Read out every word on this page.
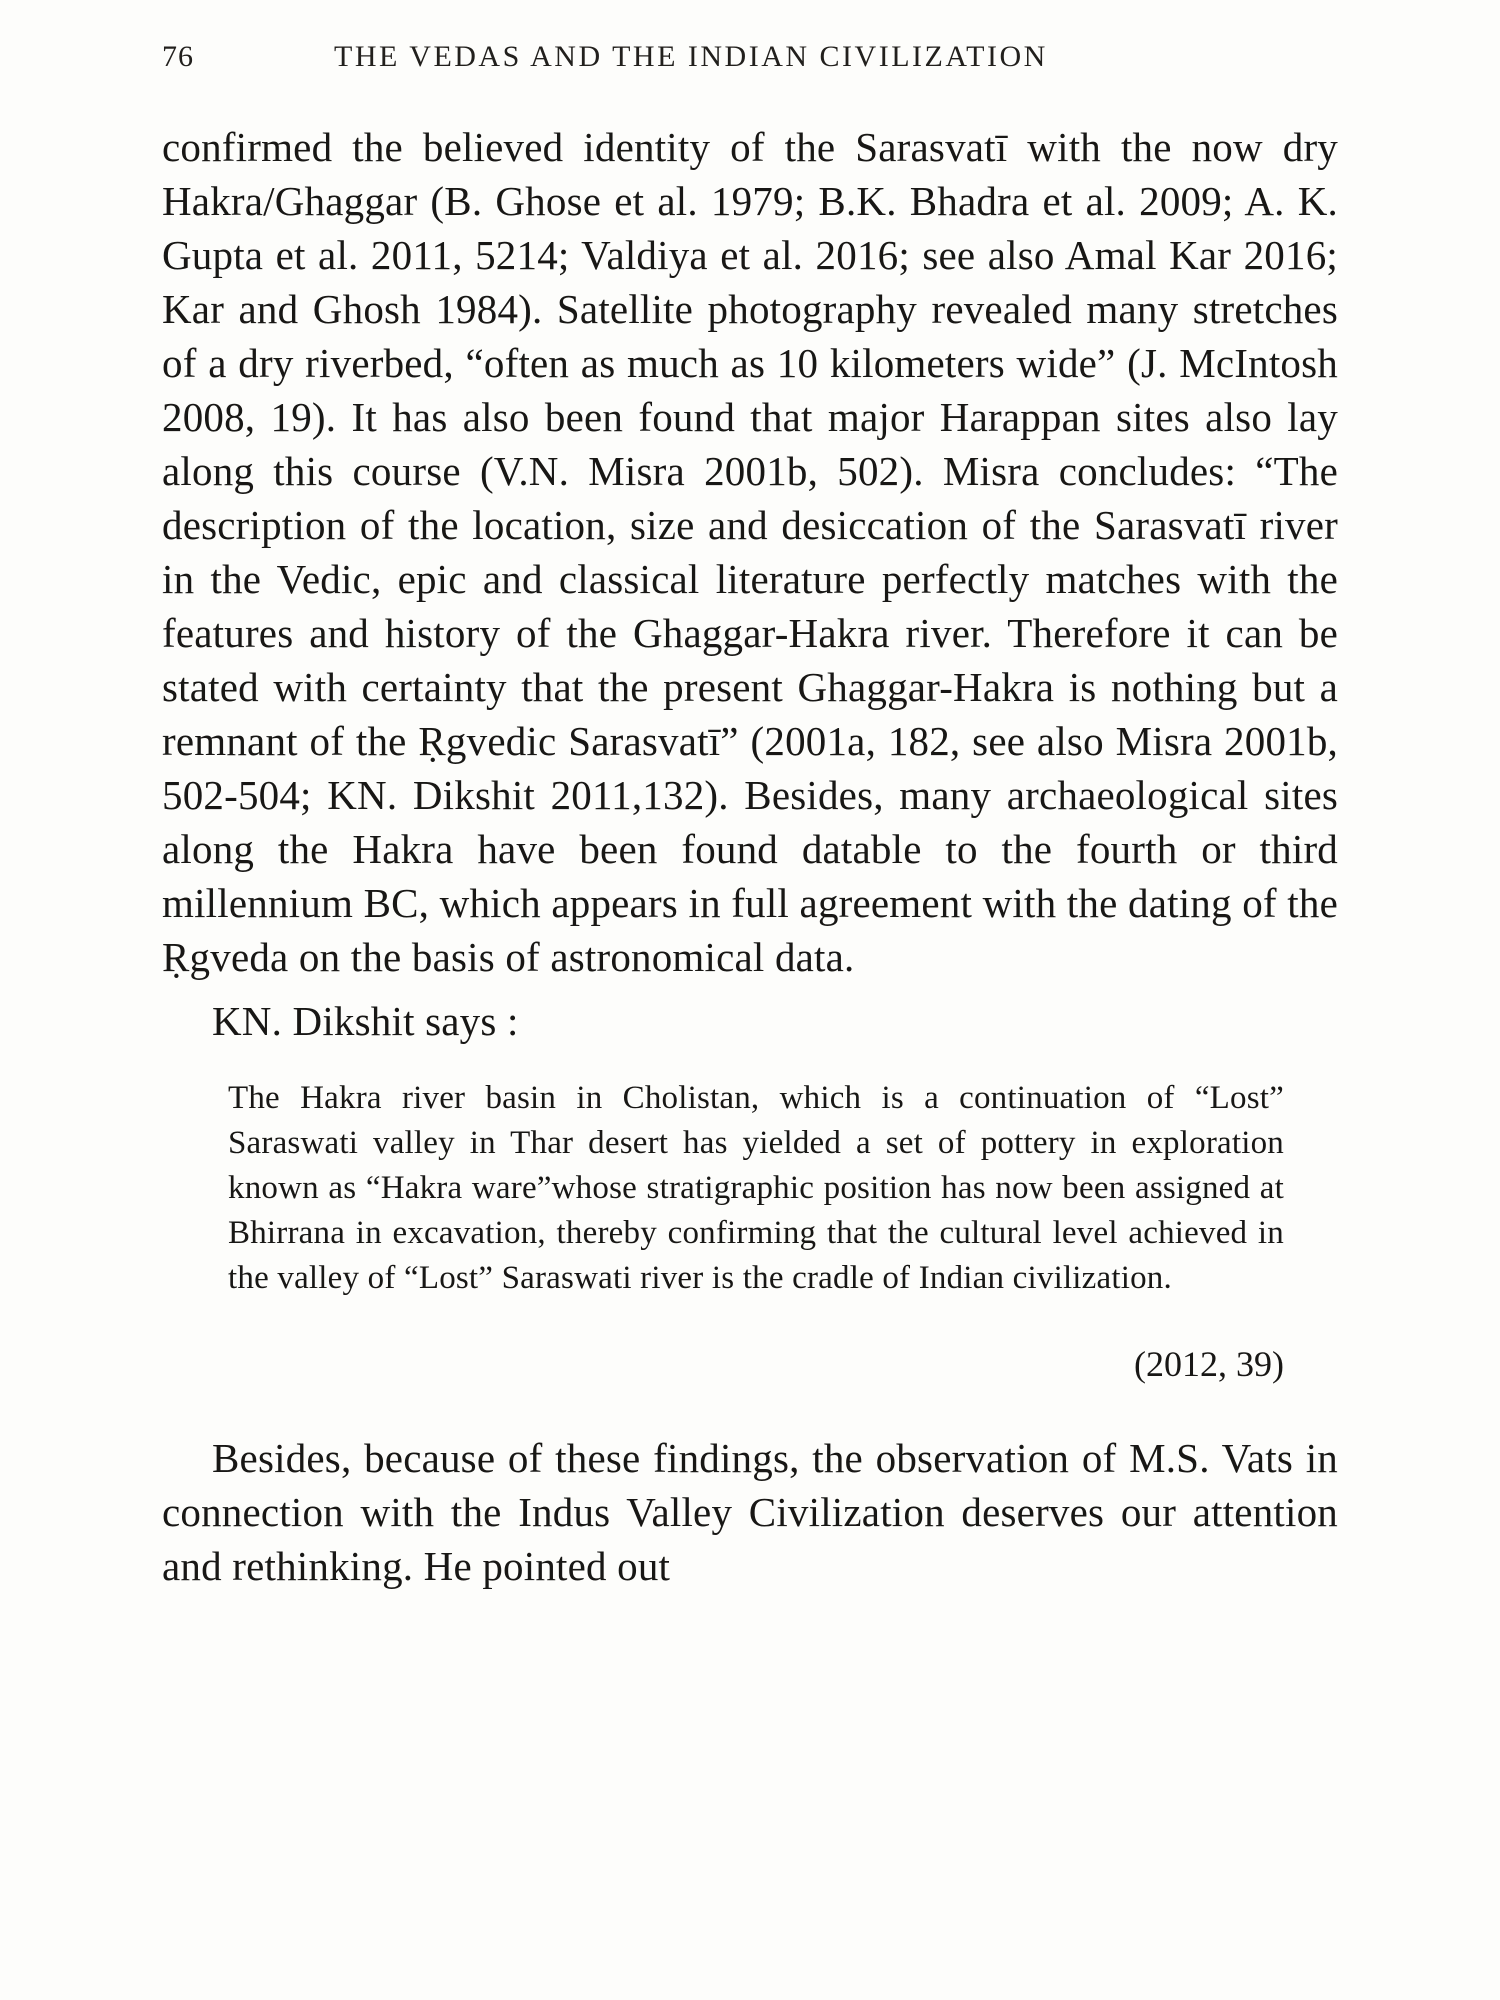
76	THE VEDAS AND THE INDIAN CIVILIZATION

confirmed the believed identity of the Sarasvatī with the now dry Hakra/Ghaggar (B. Ghose et al. 1979; B.K. Bhadra et al. 2009; A. K. Gupta et al. 2011, 5214; Valdiya et al. 2016; see also Amal Kar 2016; Kar and Ghosh 1984). Satellite photography revealed many stretches of a dry riverbed, “often as much as 10 kilometers wide” (J. McIntosh 2008, 19). It has also been found that major Harappan sites also lay along this course (V.N. Misra 2001b, 502). Misra concludes: “The description of the location, size and desiccation of the Sarasvatī river in the Vedic, epic and classical literature perfectly matches with the features and history of the Ghaggar-Hakra river. Therefore it can be stated with certainty that the present Ghaggar-Hakra is nothing but a remnant of the Ṛgvedic Sarasvatī” (2001a, 182, see also Misra 2001b, 502-504; KN. Dikshit 2011,132). Besides, many archaeological sites along the Hakra have been found datable to the fourth or third millennium BC, which appears in full agreement with the dating of the Ṛgveda on the basis of astronomical data.

KN. Dikshit says :

The Hakra river basin in Cholistan, which is a continuation of “Lost” Saraswati valley in Thar desert has yielded a set of pottery in exploration known as “Hakra ware”whose stratigraphic position has now been assigned at Bhirrana in excavation, thereby confirming that the cultural level achieved in the valley of “Lost” Saraswati river is the cradle of Indian civilization.

(2012, 39)

Besides, because of these findings, the observation of M.S. Vats in connection with the Indus Valley Civilization deserves our attention and rethinking. He pointed out
